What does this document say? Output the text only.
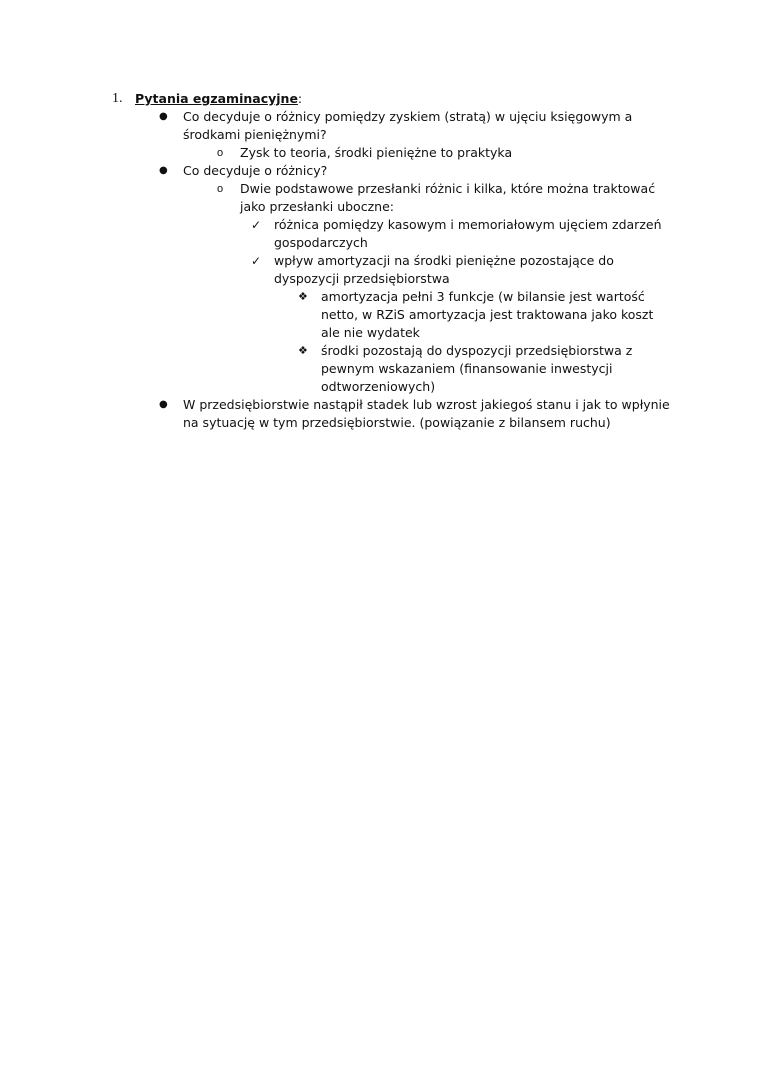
1. Pytania egzaminacyjne:
● Co decyduje o różnicy pomiędzy zyskiem (stratą) w ujęciu księgowym a środkami pieniężnymi?
o Zysk to teoria, środki pieniężne to praktyka
● Co decyduje o różnicy?
o Dwie podstawowe przesłanki różnic i kilka, które można traktować jako przesłanki uboczne:
✓ różnica pomiędzy kasowym i memoriałowym ujęciem zdarzeń gospodarczych
✓ wpływ amortyzacji na środki pieniężne pozostające do dyspozycji przedsiębiorstwa
❖ amortyzacja pełni 3 funkcje (w bilansie jest wartość netto, w RZiS amortyzacja jest traktowana jako koszt ale nie wydatek
❖ środki pozostają do dyspozycji przedsiębiorstwa z pewnym wskazaniem (finansowanie inwestycji odtworzeniowych)
● W przedsiębiorstwie nastąpił stadek lub wzrost jakiegoś stanu i jak to wpłynie na sytuację w tym przedsiębiorstwie. (powiązanie z bilansem ruchu)
